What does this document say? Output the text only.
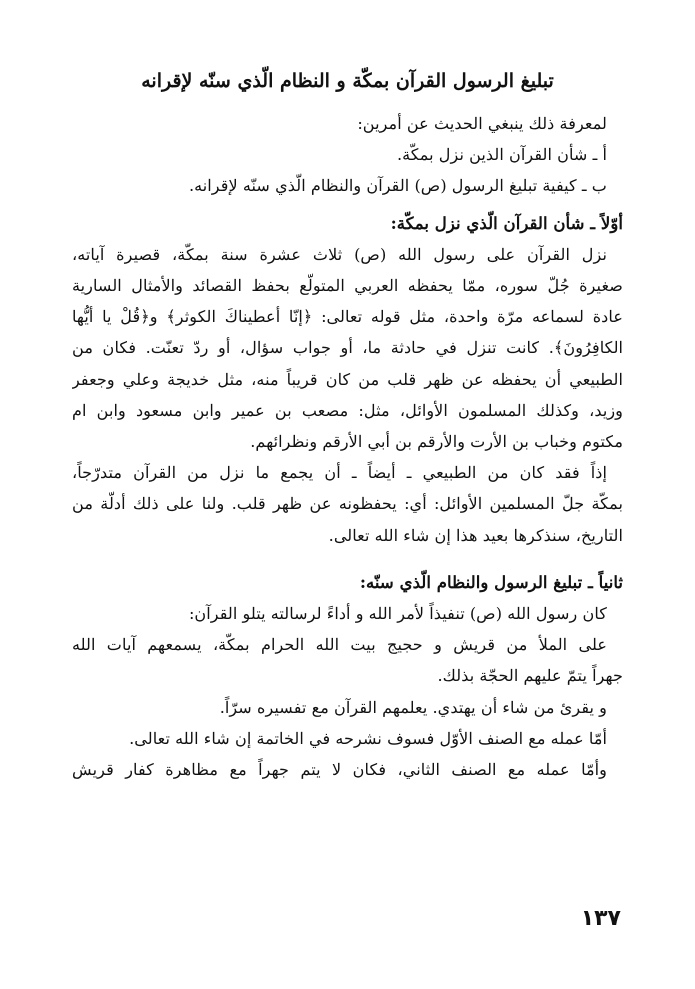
تبليغ الرسول القرآن بمكّة و النظام الّذي سنّه لإقرانه
لمعرفة ذلك ينبغي الحديث عن أمرين:
أ ـ شأن القرآن الذين نزل بمكّة.
ب ـ كيفية تبليغ الرسول (ص) القرآن والنظام الّذي سنّه لإقرانه.
أوّلاً ـ شأن القرآن الّذي نزل بمكّة:
نزل القرآن على رسول الله (ص) ثلاث عشرة سنة بمكّة، قصيرة آياته،
صغيرة جُلّ سوره، ممّا يحفظه العربي المتولّع بحفظ القصائد والأمثال السارية
عادة لسماعه مرّة واحدة، مثل قوله تعالى: ﴿إنّا أعطيناكَ الكوثر﴾ و﴿قُلْ يا أيُّها
الكافِرُونَ﴾. كانت تنزل في حادثة ما، أو جواب سؤال، أو ردّ تعنّت. فكان من
الطبيعي أن يحفظه عن ظهر قلب من كان قريباً منه، مثل خديجة وعلي وجعفر
وزيد، وكذلك المسلمون الأوائل، مثل: مصعب بن عمير وابن مسعود وابن ام
مكتوم وخباب بن الأرت والأرقم بن أبي الأرقم ونظرائهم.
إذاً فقد كان من الطبيعي ـ أيضاً ـ أن يجمع ما نزل من القرآن متدرّجاً،
بمكّة جلّ المسلمين الأوائل: أي: يحفظونه عن ظهر قلب. ولنا على ذلك أدلّة من
التاريخ، سنذكرها بعيد هذا إن شاء الله تعالى.
ثانياً ـ تبليغ الرسول والنظام الّذي سنّه:
كان رسول الله (ص) تنفيذاً لأمر الله و أداءً لرسالته يتلو القرآن:
على الملأ من قريش و حجيج بيت الله الحرام بمكّة، يسمعهم آيات الله
جهراً يتمّ عليهم الحجّة بذلك.
و يقرئ من شاء أن يهتدي. يعلمهم القرآن مع تفسيره سرّاً.
أمّا عمله مع الصنف الأوّل فسوف نشرحه في الخاتمة إن شاء الله تعالى.
وأمّا عمله مع الصنف الثاني، فكان لا يتم جهراً مع مظاهرة كفار قريش
١٣٧
